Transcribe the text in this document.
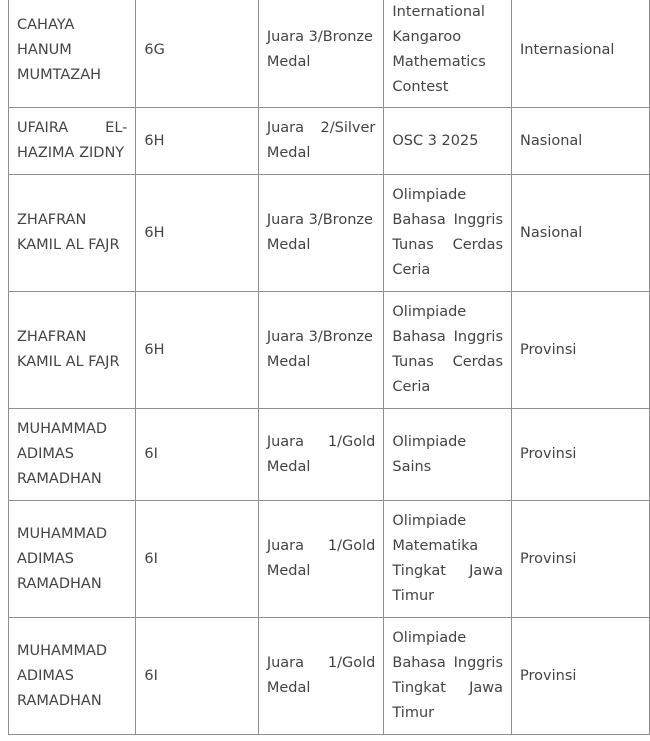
CAHAYA HANUM MUMTAZAH	6G	Juara 3/Bronze Medal	International Kangaroo Mathematics Contest	Internasional
UFAIRA EL-HAZIMA ZIDNY	6H	Juara 2/Silver Medal	OSC 3 2025	Nasional
ZHAFRAN KAMIL AL FAJR	6H	Juara 3/Bronze Medal	Olimpiade Bahasa Inggris Tunas Cerdas Ceria	Nasional
ZHAFRAN KAMIL AL FAJR	6H	Juara 3/Bronze Medal	Olimpiade Bahasa Inggris Tunas Cerdas Ceria	Provinsi
MUHAMMAD ADIMAS RAMADHAN	6I	Juara 1/Gold Medal	Olimpiade Sains	Provinsi
MUHAMMAD ADIMAS RAMADHAN	6I	Juara 1/Gold Medal	Olimpiade Matematika Tingkat Jawa Timur	Provinsi
MUHAMMAD ADIMAS RAMADHAN	6I	Juara 1/Gold Medal	Olimpiade Bahasa Inggris Tingkat Jawa Timur	Provinsi
